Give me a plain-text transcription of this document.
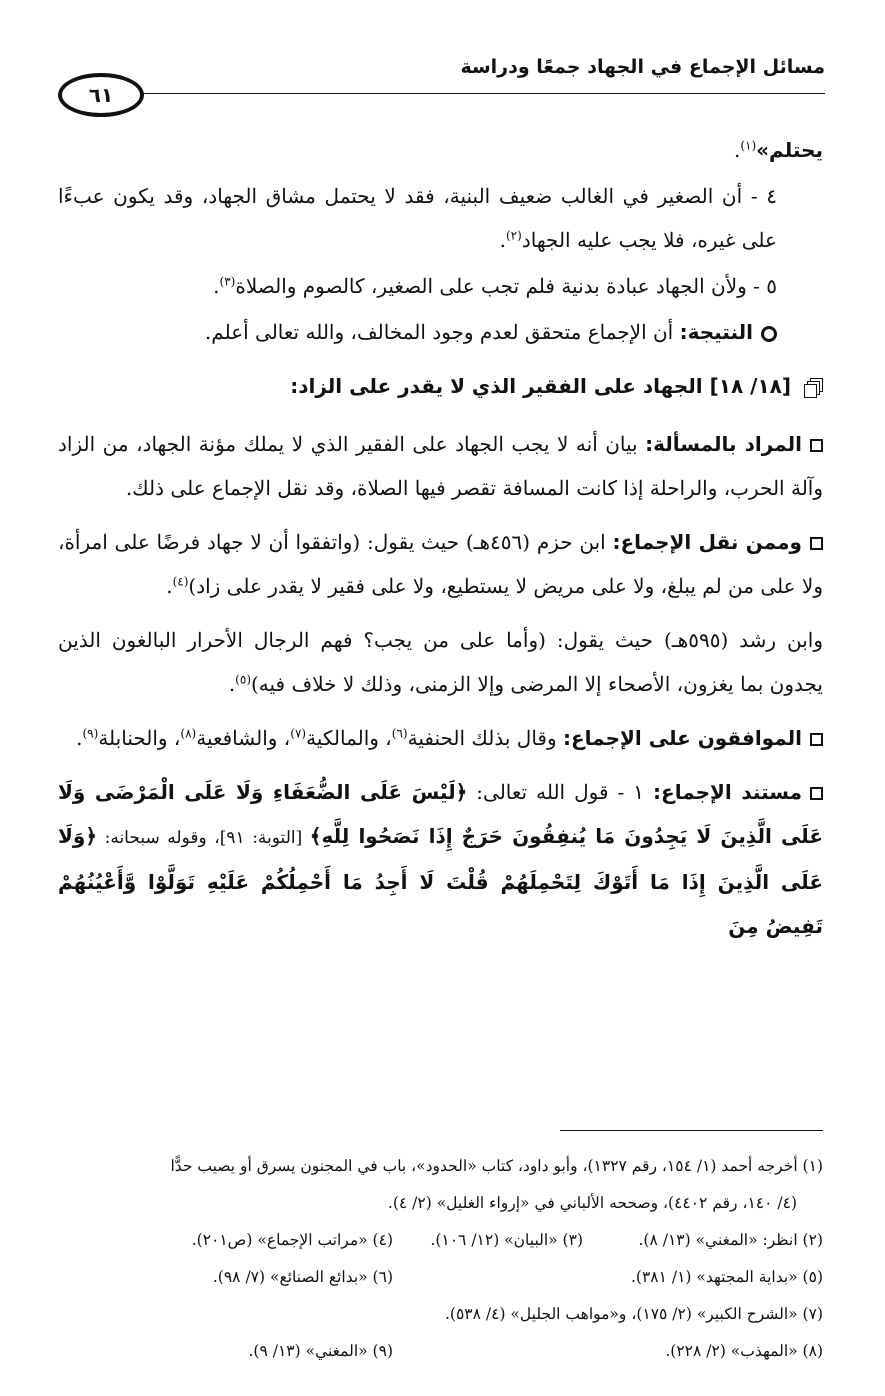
مسائل الإجماع في الجهاد جمعًا ودراسة
٦١

يحتلم»$^{(١)}$.

٤ - أن الصغير في الغالب ضعيف البنية، فقد لا يحتمل مشاق الجهاد، وقد يكون عبءًا على غيره، فلا يجب عليه الجهاد$^{(٢)}$.

٥ - ولأن الجهاد عبادة بدنية فلم تجب على الصغير، كالصوم والصلاة$^{(٣)}$.

النتيجة: أن الإجماع متحقق لعدم وجود المخالف، والله تعالى أعلم.

[١٨/ ١٨] الجهاد على الفقير الذي لا يقدر على الزاد:

المراد بالمسألة: بيان أنه لا يجب الجهاد على الفقير الذي لا يملك مؤنة الجهاد، من الزاد وآلة الحرب، والراحلة إذا كانت المسافة تقصر فيها الصلاة، وقد نقل الإجماع على ذلك.

وممن نقل الإجماع: ابن حزم (٤٥٦هـ) حيث يقول: (واتفقوا أن لا جهاد فرضًا على امرأة، ولا على من لم يبلغ، ولا على مريض لا يستطيع، ولا على فقير لا يقدر على زاد)$^{(٤)}$.

وابن رشد (٥٩٥هـ) حيث يقول: (وأما على من يجب؟ فهم الرجال الأحرار البالغون الذين يجدون بما يغزون، الأصحاء إلا المرضى وإلا الزمنى، وذلك لا خلاف فيه)$^{(٥)}$.

الموافقون على الإجماع: وقال بذلك الحنفية$^{(٦)}$، والمالكية$^{(٧)}$، والشافعية$^{(٨)}$، والحنابلة$^{(٩)}$.

مستند الإجماع: ١ - قول الله تعالى: ﴿لَيْسَ عَلَى الضُّعَفَاءِ وَلَا عَلَى الْمَرْضَى وَلَا عَلَى الَّذِينَ لَا يَجِدُونَ مَا يُنفِقُونَ حَرَجٌ إِذَا نَصَحُوا لِلَّهِ﴾ [التوبة: ٩١]، وقوله سبحانه: ﴿وَلَا عَلَى الَّذِينَ إِذَا مَا أَتَوْكَ لِتَحْمِلَهُمْ قُلْتَ لَا أَجِدُ مَا أَحْمِلُكُمْ عَلَيْهِ تَوَلَّوْا وَّأَعْيُنُهُمْ تَفِيضُ مِنَ

(١) أخرجه أحمد (١/ ١٥٤، رقم ١٣٢٧)، وأبو داود، كتاب «الحدود»، باب في المجنون يسرق أو يصيب حدًّا
(٤/ ١٤٠، رقم ٤٤٠٢)، وصححه الألباني في «إرواء الغليل» (٢/ ٤).
(٢) انظر: «المغني» (١٣/ ٨).(٣) «البيان» (١٢/ ١٠٦).(٤) «مراتب الإجماع» (ص٢٠١).
(٥) «بداية المجتهد» (١/ ٣٨١).(٦) «بدائع الصنائع» (٧/ ٩٨).
(٧) «الشرح الكبير» (٢/ ١٧٥)، و«مواهب الجليل» (٤/ ٥٣٨).
(٨) «المهذب» (٢/ ٢٢٨).(٩) «المغني» (١٣/ ٩).
